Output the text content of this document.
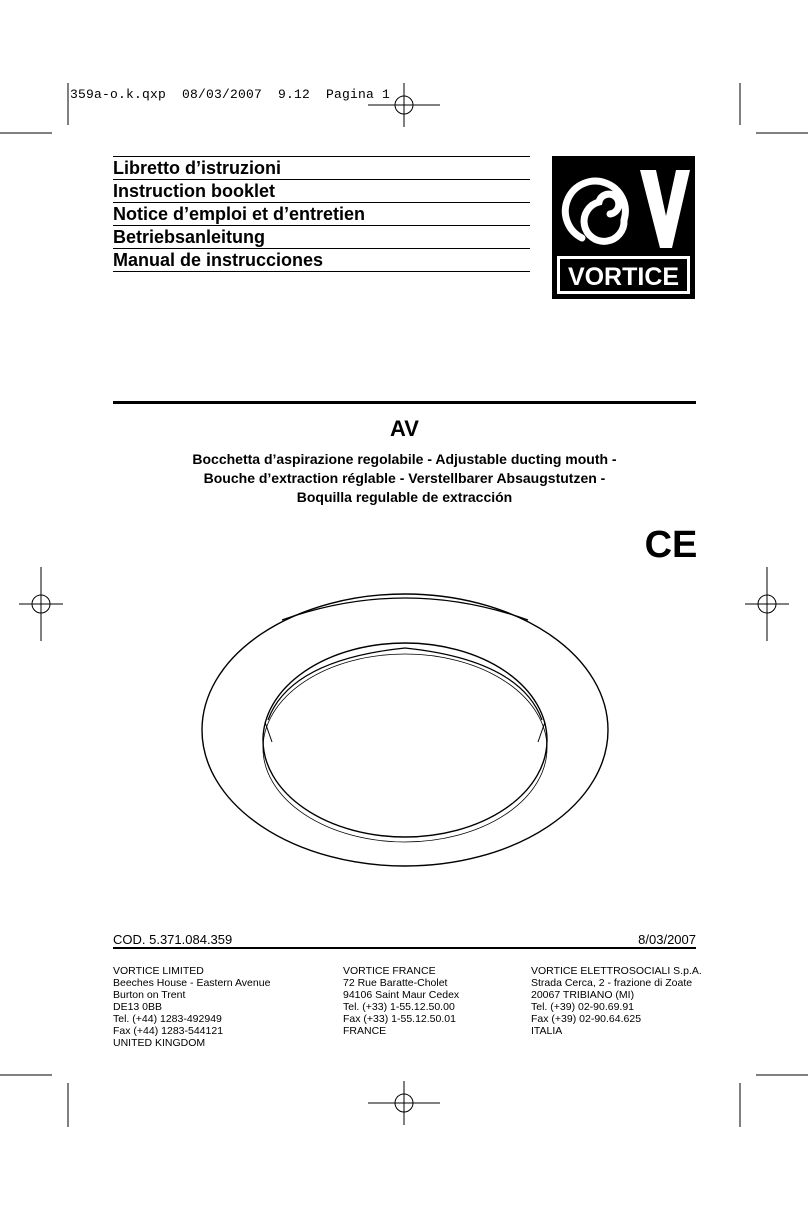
359a-o.k.qxp  08/03/2007  9.12  Pagina 1
Libretto d’istruzioni
Instruction booklet
Notice d’emploi et d’entretien
Betriebsanleitung
Manual de instrucciones
VORTICE
AV
Bocchetta d’aspirazione regolabile - Adjustable ducting mouth -
Bouche d’extraction réglable - Verstellbarer Absaugstutzen -
Boquilla regulable de extracción
CE
COD. 5.371.084.359	8/03/2007
VORTICE LIMITED
Beeches House - Eastern Avenue
Burton on Trent
DE13 0BB
Tel. (+44) 1283-492949
Fax (+44) 1283-544121
UNITED KINGDOM
VORTICE FRANCE
72 Rue Baratte-Cholet
94106 Saint Maur Cedex
Tel. (+33) 1-55.12.50.00
Fax (+33) 1-55.12.50.01
FRANCE
VORTICE ELETTROSOCIALI S.p.A.
Strada Cerca, 2 - frazione di Zoate
20067 TRIBIANO (MI)
Tel. (+39) 02-90.69.91
Fax (+39) 02-90.64.625
ITALIA
